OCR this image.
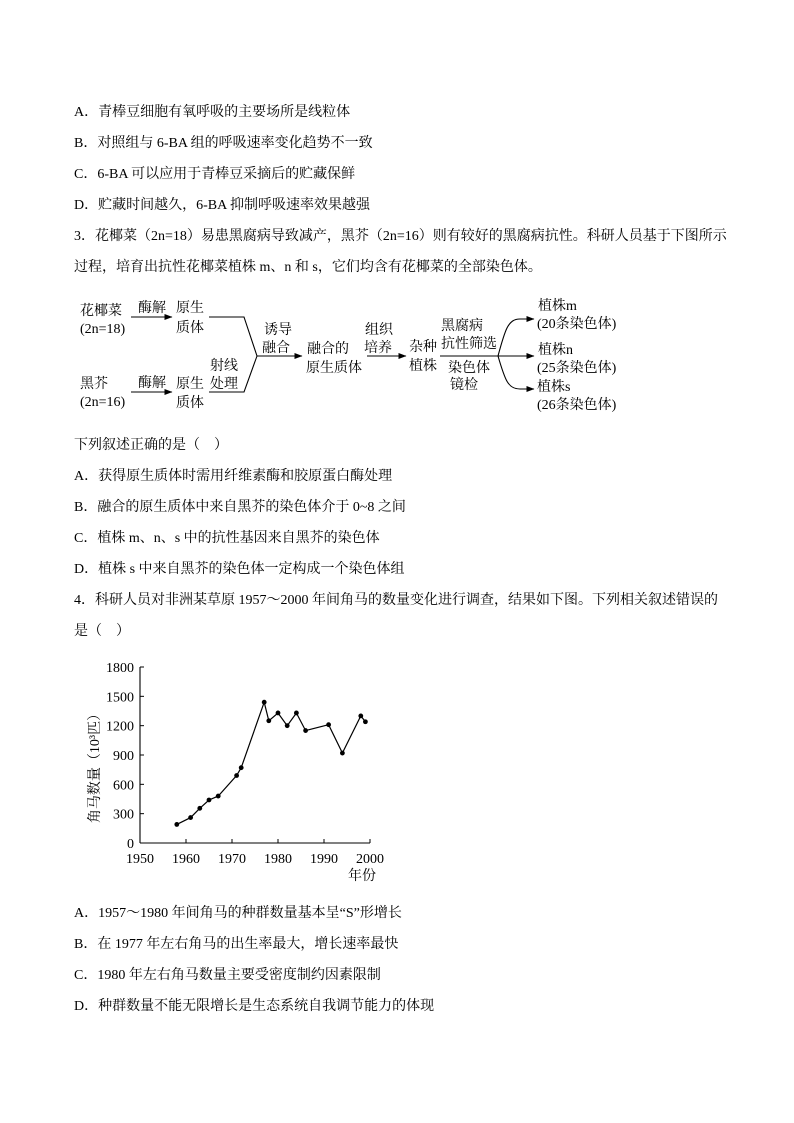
A．青棒豆细胞有氧呼吸的主要场所是线粒体
B．对照组与 6-BA 组的呼吸速率变化趋势不一致
C．6-BA 可以应用于青棒豆采摘后的贮藏保鲜
D．贮藏时间越久，6-BA 抑制呼吸速率效果越强
3．花椰菜（2n=18）易患黑腐病导致减产，黑芥（2n=16）则有较好的黑腐病抗性。科研人员基于下图所示
过程，培育出抗性花椰菜植株 m、n 和 s，它们均含有花椰菜的全部染色体。
花椰菜
(2n=18)
黑芥
(2n=16)
酶解
酶解
原生
质体
原生
质体
射线
处理
诱导
融合 融合的
原生质体
组织
培养 杂种
植株
黑腐病
抗性筛选
染色体
镜检
植株m
(20条染色体)
植株n
(25条染色体)
植株s
(26条染色体)
下列叙述正确的是（    ）
A．获得原生质体时需用纤维素酶和胶原蛋白酶处理
B．融合的原生质体中来自黑芥的染色体介于 0~8 之间
C．植株 m、n、s 中的抗性基因来自黑芥的染色体
D．植株 s 中来自黑芥的染色体一定构成一个染色体组
4．科研人员对非洲某草原 1957～2000 年间角马的数量变化进行调查，结果如下图。下列相关叙述错误的
是（    ）
角马数量（10³匹）
年份
0
300
600
900
1200
1500
1800
1950 1960 1970 1980 1990 2000
A．1957～1980 年间角马的种群数量基本呈“S”形增长
B．在 1977 年左右角马的出生率最大，增长速率最快
C．1980 年左右角马数量主要受密度制约因素限制
D．种群数量不能无限增长是生态系统自我调节能力的体现
